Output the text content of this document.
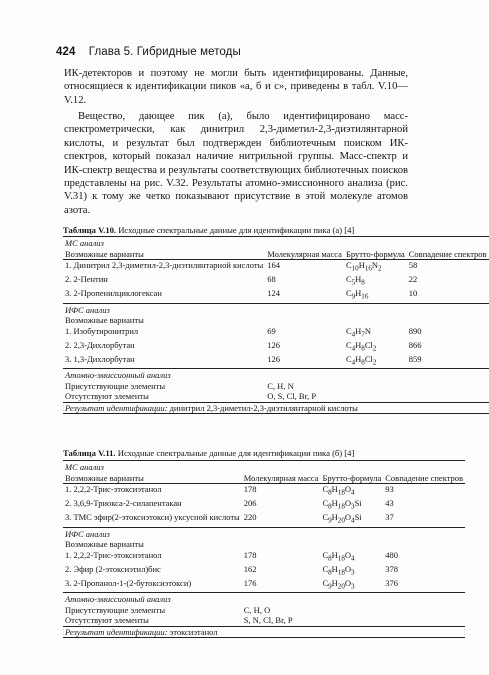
424 Глава 5. Гибридные методы

ИК-детекторов и поэтому не могли быть идентифицированы. Данные, относящиеся к идентификации пиков «а, б и с», приведены в табл. V.10—V.12.

Вещество, дающее пик (а), было идентифицировано масс-спектрометрически, как динитрил 2,3-диметил-2,3-диэтилянтарной кислоты, и результат был подтвержден библиотечным поиском ИК-спектров, который показал наличие нитрильной группы. Масс-спектр и ИК-спектр вещества и результаты соответствующих библиотечных поисков представлены на рис. V.32. Результаты атомно-эмиссионного анализа (рис. V.31) к тому же четко показывают присутствие в этой молекуле атомов азота.

Таблица V.10. Исходные спектральные данные для идентификации пика (а) [4]
МС анализ			
Возможные варианты	Молекулярная масса	Брутто-формула	Совпадение спектров
1. Динитрил 2,3-диметил-2,3-диэтилянтарной кислоты	164	$C_{10}H_{16}N_2$	58
2. 2-Пентин	68	$C_5H_8$	22
3. 2-Пропенилциклогексан	124	$C_9H_{16}$	10
ИФС анализ			
Возможные варианты			
1. Изобутиронитрил	69	$C_4H_7N$	890
2. 2,3-Дихлорбутан	126	$C_4H_8Cl_2$	866
3. 1,3-Дихлорбутан	126	$C_4H_8Cl_2$	859
Атомно-эмиссионный анализ			
Присутствующие элементы	C, H, N		
Отсутствуют элементы	O, S, Cl, Br, P		
Результат идентификации: динитрил 2,3-диметил-2,3-диэтилянтарной кислоты			
Таблица V.11. Исходные спектральные данные для идентификации пика (б) [4]
МС анализ			
Возможные варианты	Молекулярная масса	Брутто-формула	Совпадение спектров
1. 2,2,2-Трис-этоксиэтанол	178	$C_8H_{18}O_4$	93
2. 3,6,9-Триокса-2-силапентакан	206	$C_8H_{18}O_3Si$	43
3. ТМС эфир(2-этоксиэтокси) уксусной кислоты	220	$C_9H_{20}O_4Si$	37
ИФС анализ			
Возможные варианты			
1. 2,2,2-Трис-этоксиэтанол	178	$C_8H_{18}O_4$	480
2. Эфир (2-этоксиэтил)бис	162	$C_8H_{18}O_3$	378
3. 2-Пропанол-1-(2-бутоксиэтокси)	176	$C_9H_{20}O_3$	376
Атомно-эмиссионный анализ			
Присутствующие элементы	C, H, O		
Отсутствуют элементы	S, N, Cl, Br, P		
Результат идентификации: этоксиэтанол			
